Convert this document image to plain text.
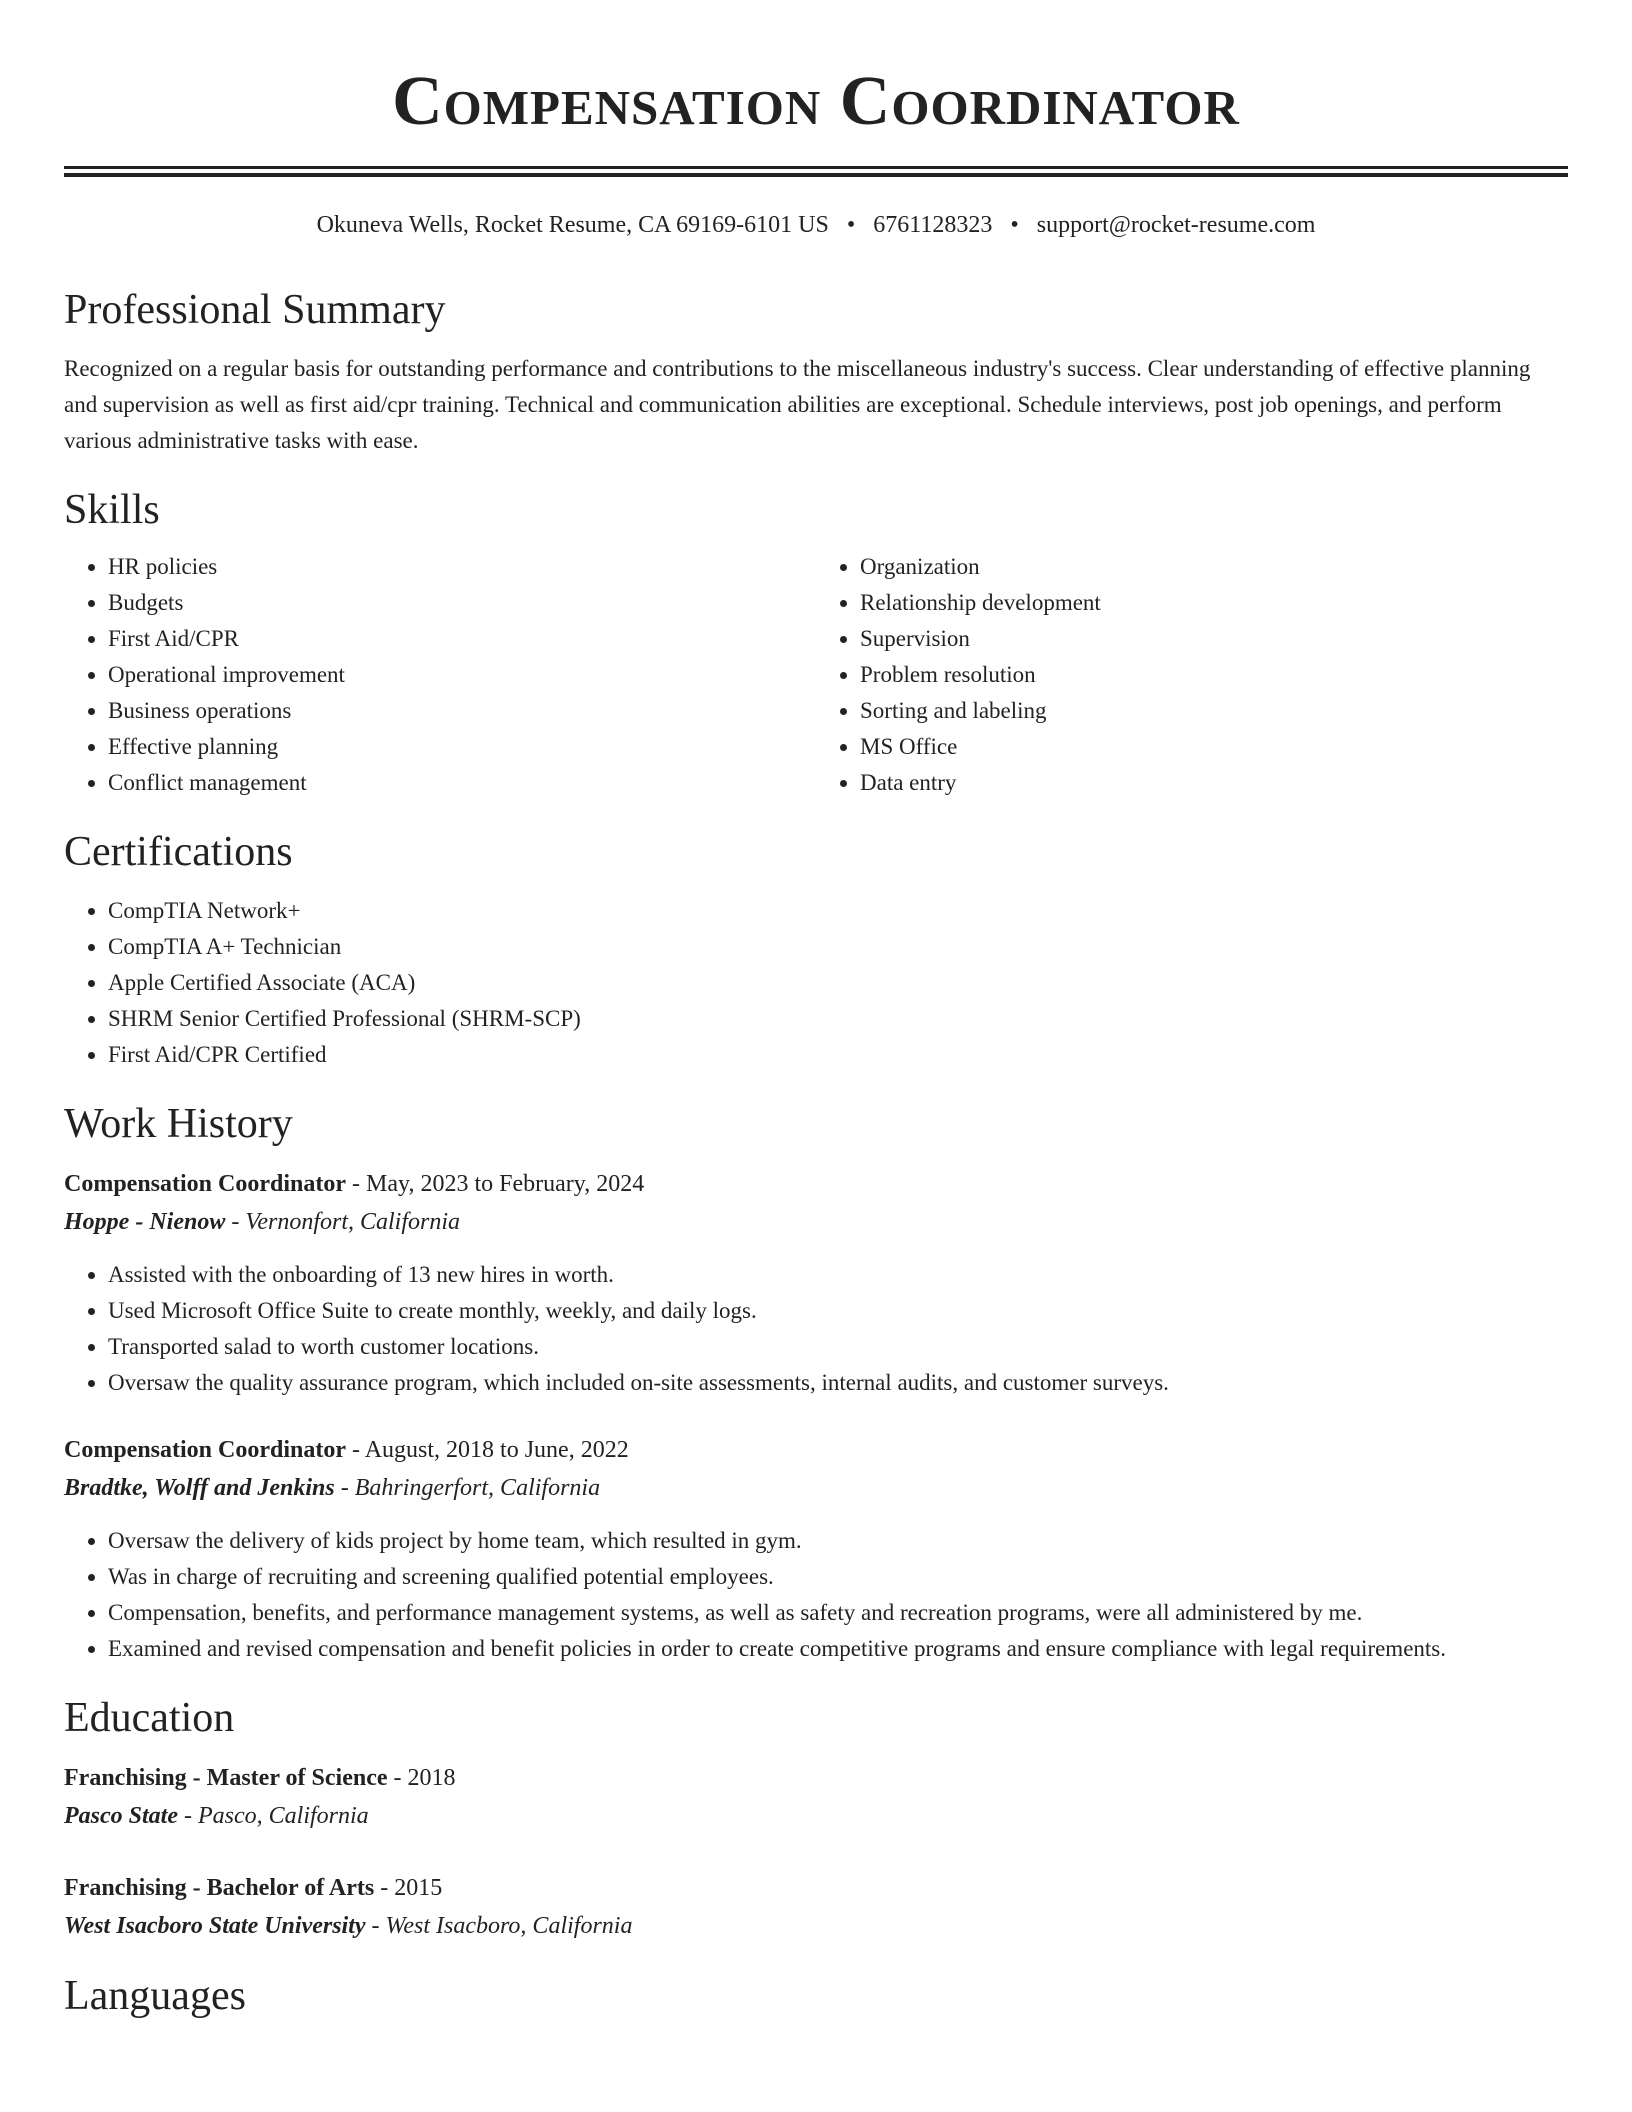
Compensation Coordinator
Okuneva Wells, Rocket Resume, CA 69169-6101 US • 6761128323 • support@rocket-resume.com
Professional Summary

Recognized on a regular basis for outstanding performance and contributions to the miscellaneous industry's success. Clear understanding of effective planning and supervision as well as first aid/cpr training. Technical and communication abilities are exceptional. Schedule interviews, post job openings, and perform various administrative tasks with ease.

Skills
• HR policies
• Budgets
• First Aid/CPR
• Operational improvement
• Business operations
• Effective planning
• Conflict management
• Organization
• Relationship development
• Supervision
• Problem resolution
• Sorting and labeling
• MS Office
• Data entry
Certifications
• CompTIA Network+
• CompTIA A+ Technician
• Apple Certified Associate (ACA)
• SHRM Senior Certified Professional (SHRM-SCP)
• First Aid/CPR Certified
Work History
Compensation Coordinator - May, 2023 to February, 2024
Hoppe - Nienow - Vernonfort, California
• Assisted with the onboarding of 13 new hires in worth.
• Used Microsoft Office Suite to create monthly, weekly, and daily logs.
• Transported salad to worth customer locations.
• Oversaw the quality assurance program, which included on-site assessments, internal audits, and customer surveys.
Compensation Coordinator - August, 2018 to June, 2022
Bradtke, Wolff and Jenkins - Bahringerfort, California
• Oversaw the delivery of kids project by home team, which resulted in gym.
• Was in charge of recruiting and screening qualified potential employees.
• Compensation, benefits, and performance management systems, as well as safety and recreation programs, were all administered by me.
• Examined and revised compensation and benefit policies in order to create competitive programs and ensure compliance with legal requirements.
Education
Franchising - Master of Science - 2018
Pasco State - Pasco, California
Franchising - Bachelor of Arts - 2015
West Isacboro State University - West Isacboro, California
Languages
